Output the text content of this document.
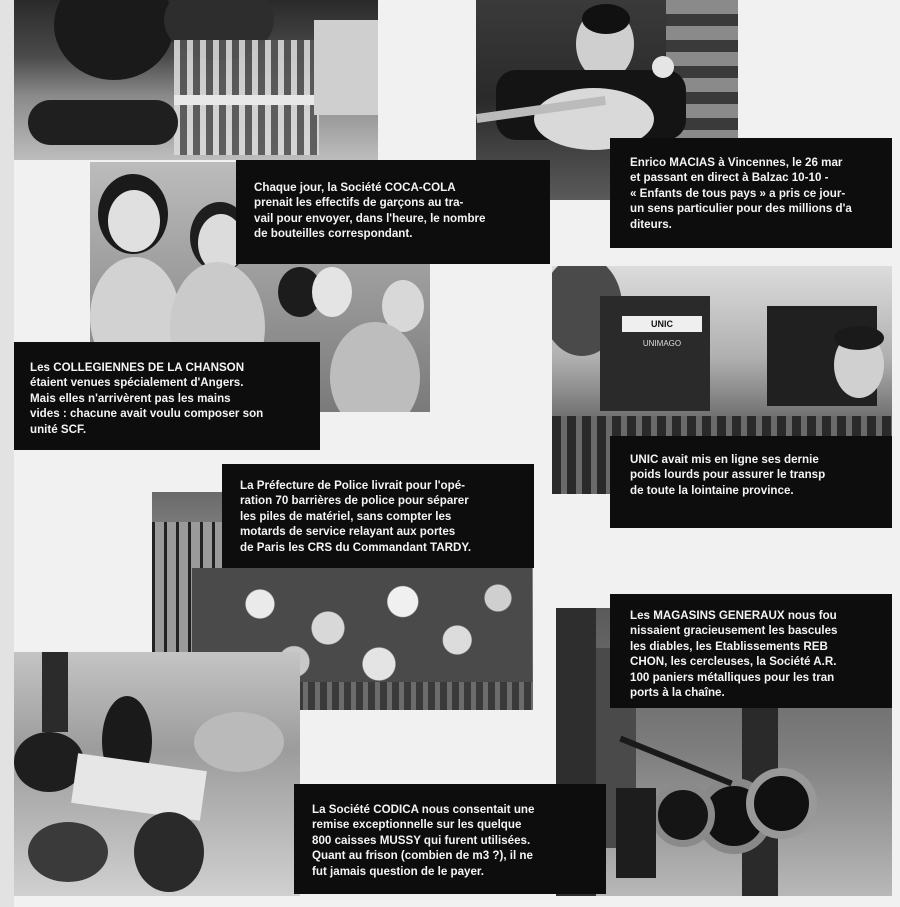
UNIC
UNIMAGO
Chaque jour, la Société COCA-COLA
prenait les effectifs de garçons au tra-
vail pour envoyer, dans l'heure, le nombre
de bouteilles correspondant.
Enrico MACIAS à Vincennes, le 26 mar
et passant en direct à Balzac 10-10 -
« Enfants de tous pays » a pris ce jour-
un sens particulier pour des millions d'a
diteurs.
Les COLLEGIENNES DE LA CHANSON
étaient venues spécialement d'Angers.
Mais elles n'arrivèrent pas les mains
vides : chacune avait voulu composer son
unité SCF.
UNIC avait mis en ligne ses dernie
poids lourds pour assurer le transp
de toute la lointaine province.
La Préfecture de Police livrait pour l'opé-
ration 70 barrières de police pour séparer
les piles de matériel, sans compter les
motards de service relayant aux portes
de Paris les CRS du Commandant TARDY.
Les MAGASINS GENERAUX nous fou
nissaient gracieusement les bascules
les diables, les Etablissements REB
CHON, les cercleuses, la Société A.R.
100 paniers métalliques pour les tran
ports à la chaîne.
La Société CODICA nous consentait une
remise exceptionnelle sur les quelque
800 caisses MUSSY qui furent utilisées.
Quant au frison (combien de m3 ?), il ne
fut jamais question de le payer.
